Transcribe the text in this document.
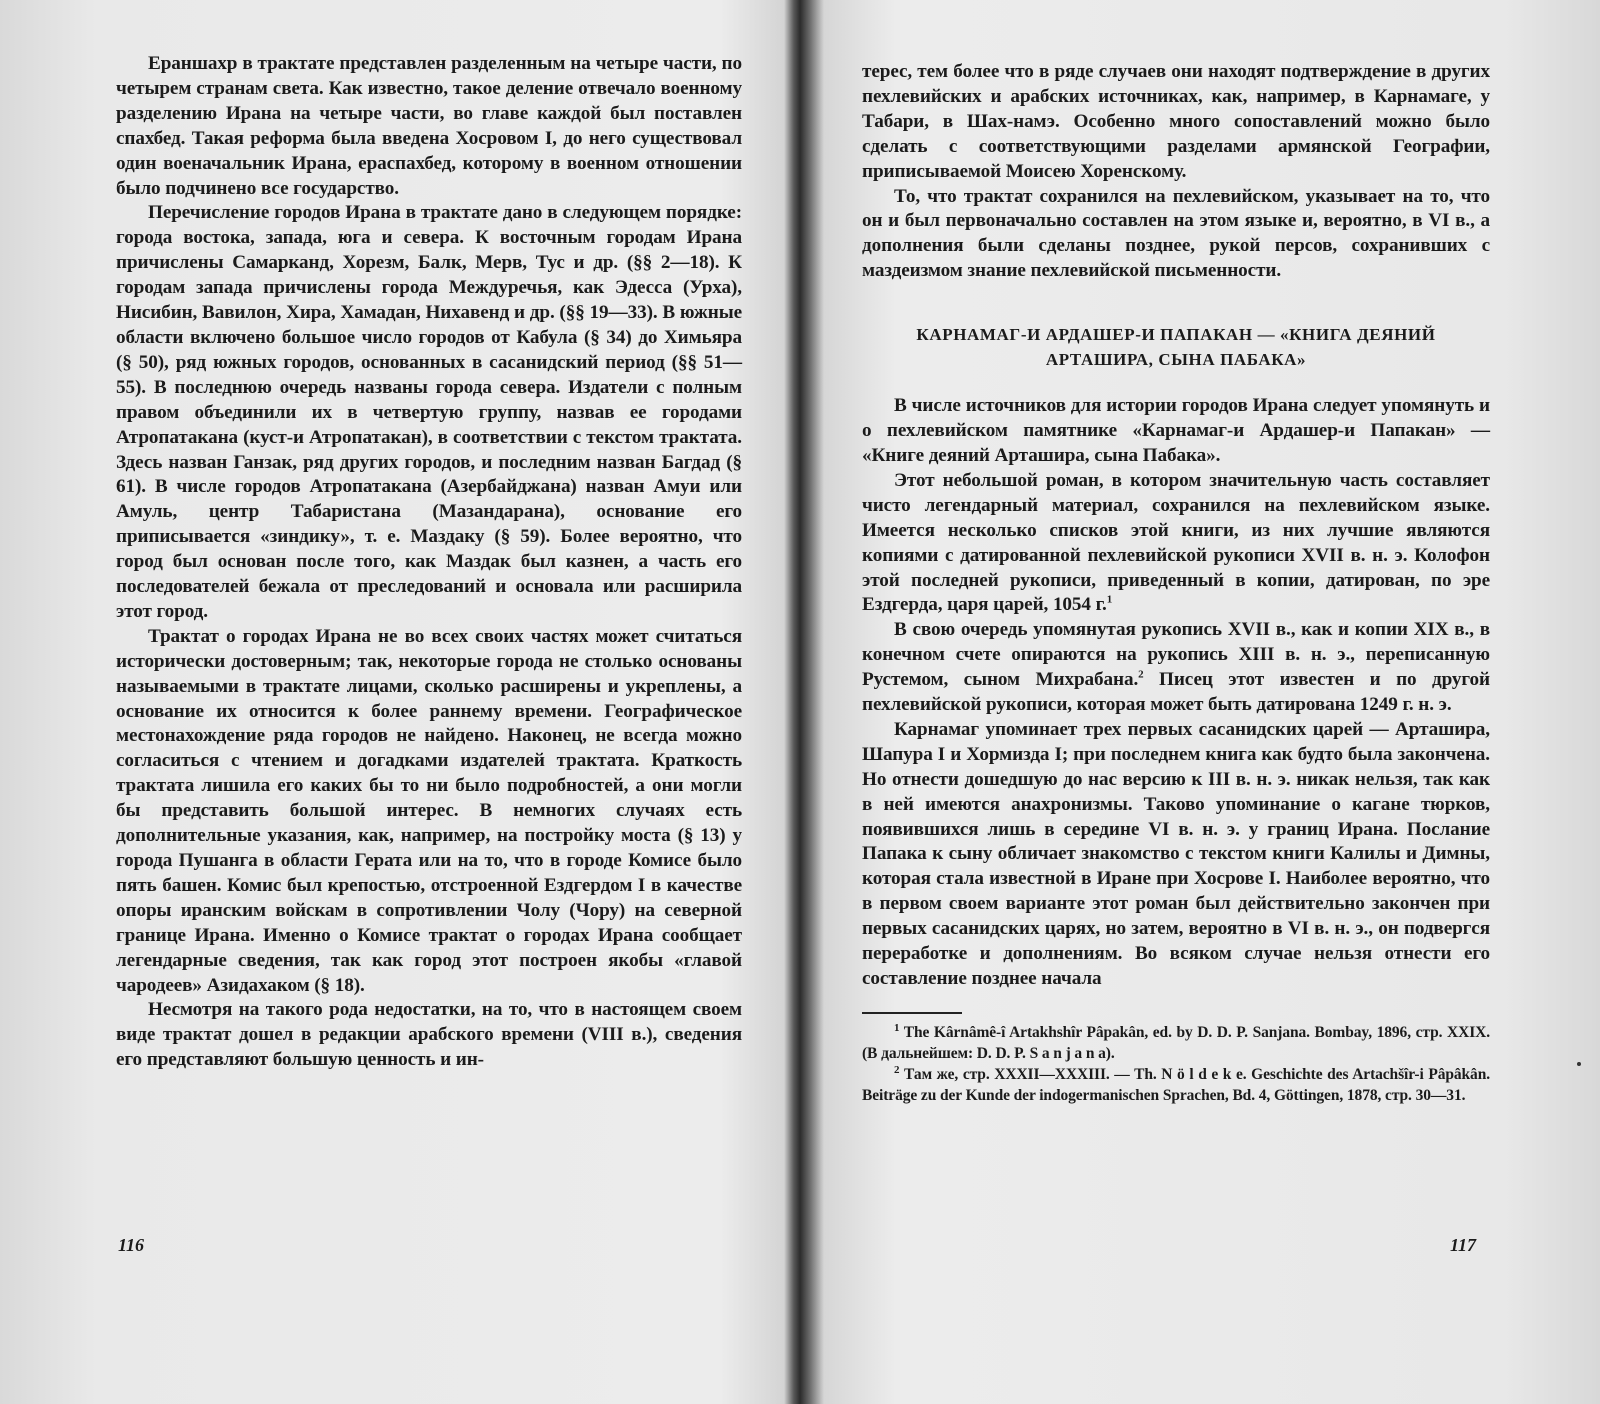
Ераншахр в трактате представлен разделенным на четыре части, по четырем странам света. Как известно, такое деление отвечало военному разделению Ирана на четыре части, во главе каждой был поставлен спахбед. Такая реформа была введена Хосровом I, до него существовал один военачальник Ирана, ераспахбед, которому в военном отношении было подчинено все государство.

Перечисление городов Ирана в трактате дано в следующем порядке: города востока, запада, юга и севера. К восточным городам Ирана причислены Самарканд, Хорезм, Балк, Мерв, Тус и др. (§§ 2—18). К городам запада причислены города Междуречья, как Эдесса (Урха), Нисибин, Вавилон, Хира, Хамадан, Нихавенд и др. (§§ 19—33). В южные области включено большое число городов от Кабула (§ 34) до Химьяра (§ 50), ряд южных городов, основанных в сасанидский период (§§ 51—55). В последнюю очередь названы города севера. Издатели с полным правом объединили их в четвертую группу, назвав ее городами Атропатакана (куст-и Атропатакан), в соответствии с текстом трактата. Здесь назван Ганзак, ряд других городов, и последним назван Багдад (§ 61). В числе городов Атропатакана (Азербайджана) назван Амуи или Амуль, центр Табаристана (Мазандарана), основание его приписывается «зиндику», т. е. Маздаку (§ 59). Более вероятно, что город был основан после того, как Маздак был казнен, а часть его последователей бежала от преследований и основала или расширила этот город.

Трактат о городах Ирана не во всех своих частях может считаться исторически достоверным; так, некоторые города не столько основаны называемыми в трактате лицами, сколько расширены и укреплены, а основание их относится к более раннему времени. Географическое местонахождение ряда городов не найдено. Наконец, не всегда можно согласиться с чтением и догадками издателей трактата. Краткость трактата лишила его каких бы то ни было подробностей, а они могли бы представить большой интерес. В немногих случаях есть дополнительные указания, как, например, на постройку моста (§ 13) у города Пушанга в области Герата или на то, что в городе Комисе было пять башен. Комис был крепостью, отстроенной Ездгердом I в качестве опоры иранским войскам в сопротивлении Чолу (Чору) на северной границе Ирана. Именно о Комисе трактат о городах Ирана сообщает легендарные сведения, так как город этот построен якобы «главой чародеев» Азидахаком (§ 18).

Несмотря на такого рода недостатки, на то, что в настоящем своем виде трактат дошел в редакции арабского времени (VIII в.), сведения его представляют большую ценность и ин-

116

терес, тем более что в ряде случаев они находят подтверждение в других пехлевийских и арабских источниках, как, например, в Карнамаге, у Табари, в Шах-намэ. Особенно много сопоставлений можно было сделать с соответствующими разделами армянской Географии, приписываемой Моисею Хоренскому.

То, что трактат сохранился на пехлевийском, указывает на то, что он и был первоначально составлен на этом языке и, вероятно, в VI в., а дополнения были сделаны позднее, рукой персов, сохранивших с маздеизмом знание пехлевийской письменности.

КАРНАМАГ-И АРДАШЕР-И ПАПАКАН — «КНИГА ДЕЯНИЙ
АРТАШИРА, СЫНА ПАБАКА»

В числе источников для истории городов Ирана следует упомянуть и о пехлевийском памятнике «Карнамаг-и Ардашер-и Папакан» — «Книге деяний Арташира, сына Пабака».

Этот небольшой роман, в котором значительную часть составляет чисто легендарный материал, сохранился на пехлевийском языке. Имеется несколько списков этой книги, из них лучшие являются копиями с датированной пехлевийской рукописи XVII в. н. э. Колофон этой последней рукописи, приведенный в копии, датирован, по эре Ездгерда, царя царей, 1054 г.$^1$

В свою очередь упомянутая рукопись XVII в., как и копии XIX в., в конечном счете опираются на рукопись XIII в. н. э., переписанную Рустемом, сыном Михрабана.$^2$ Писец этот известен и по другой пехлевийской рукописи, которая может быть датирована 1249 г. н. э.

Карнамаг упоминает трех первых сасанидских царей — Арташира, Шапура I и Хормизда I; при последнем книга как будто была закончена. Но отнести дошедшую до нас версию к III в. н. э. никак нельзя, так как в ней имеются анахронизмы. Таково упоминание о кагане тюрков, появившихся лишь в середине VI в. н. э. у границ Ирана. Послание Папака к сыну обличает знакомство с текстом книги Калилы и Димны, которая стала известной в Иране при Хосрове I. Наиболее вероятно, что в первом своем варианте этот роман был действительно закончен при первых сасанидских царях, но затем, вероятно в VI в. н. э., он подвергся переработке и дополнениям. Во всяком случае нельзя отнести его составление позднее начала

$^1$ The Kârnâmê-î Artakhshîr Pâpakân, ed. by D. D. P. Sanjana. Bombay, 1896, стр. XXIX. (В дальнейшем: D. D. P. S a n j a n a).

$^2$ Там же, стр. XXXII—XXXIII. — Th. N ö l d e k e. Geschichte des Artachšîr-i Pâpâkân. Beiträge zu der Kunde der indogermanischen Sprachen, Bd. 4, Göttingen, 1878, стр. 30—31.

117
